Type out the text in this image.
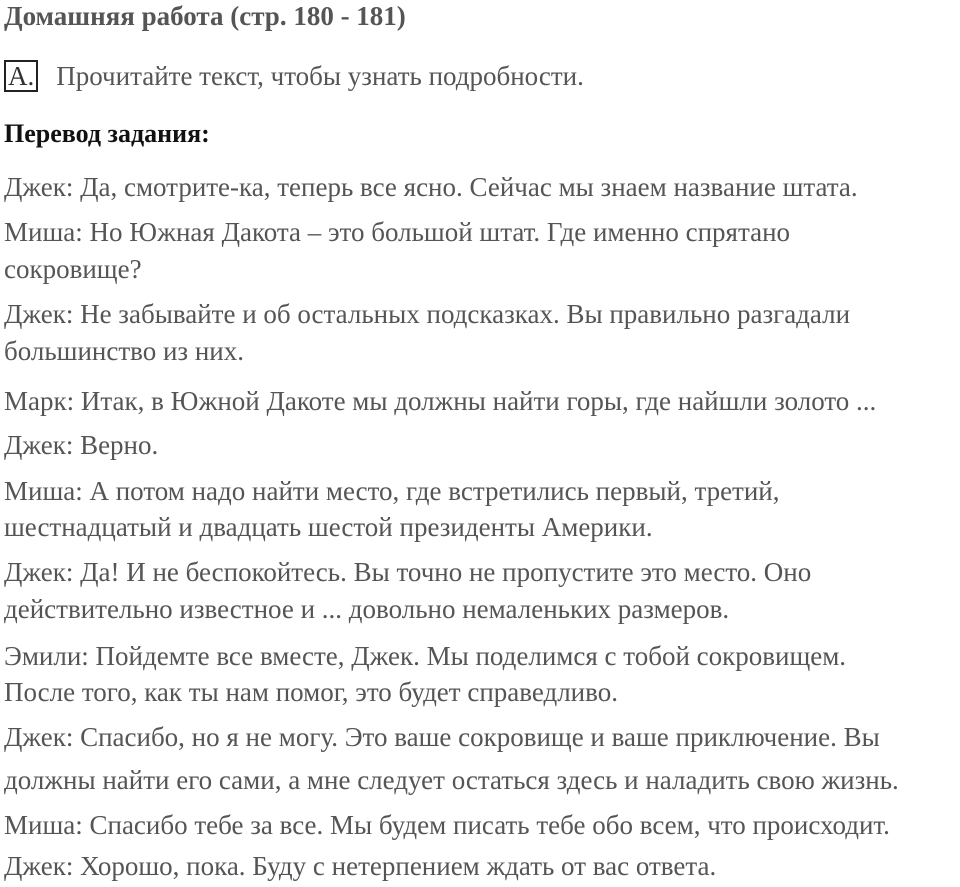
Домашняя работа (стр. 180 - 181)
A. Прочитайте текст, чтобы узнать подробности.
Перевод задания:
Джек: Да, смотрите-ка, теперь все ясно. Сейчас мы знаем название штата.
Миша: Но Южная Дакота – это большой штат. Где именно спрятано
сокровище?
Джек: Не забывайте и об остальных подсказках. Вы правильно разгадали
большинство из них.
Марк: Итак, в Южной Дакоте мы должны найти горы, где найшли золото ...
Джек: Верно.
Миша: А потом надо найти место, где встретились первый, третий,
шестнадцатый и двадцать шестой президенты Америки.
Джек: Да! И не беспокойтесь. Вы точно не пропустите это место. Оно
действительно известное и ... довольно немаленьких размеров.
Эмили: Пойдемте все вместе, Джек. Мы поделимся с тобой сокровищем.
После того, как ты нам помог, это будет справедливо.
Джек: Спасибо, но я не могу. Это ваше сокровище и ваше приключение. Вы
должны найти его сами, а мне следует остаться здесь и наладить свою жизнь.
Миша: Спасибо тебе за все. Мы будем писать тебе обо всем, что происходит.
Джек: Хорошо, пока. Буду с нетерпением ждать от вас ответа.
